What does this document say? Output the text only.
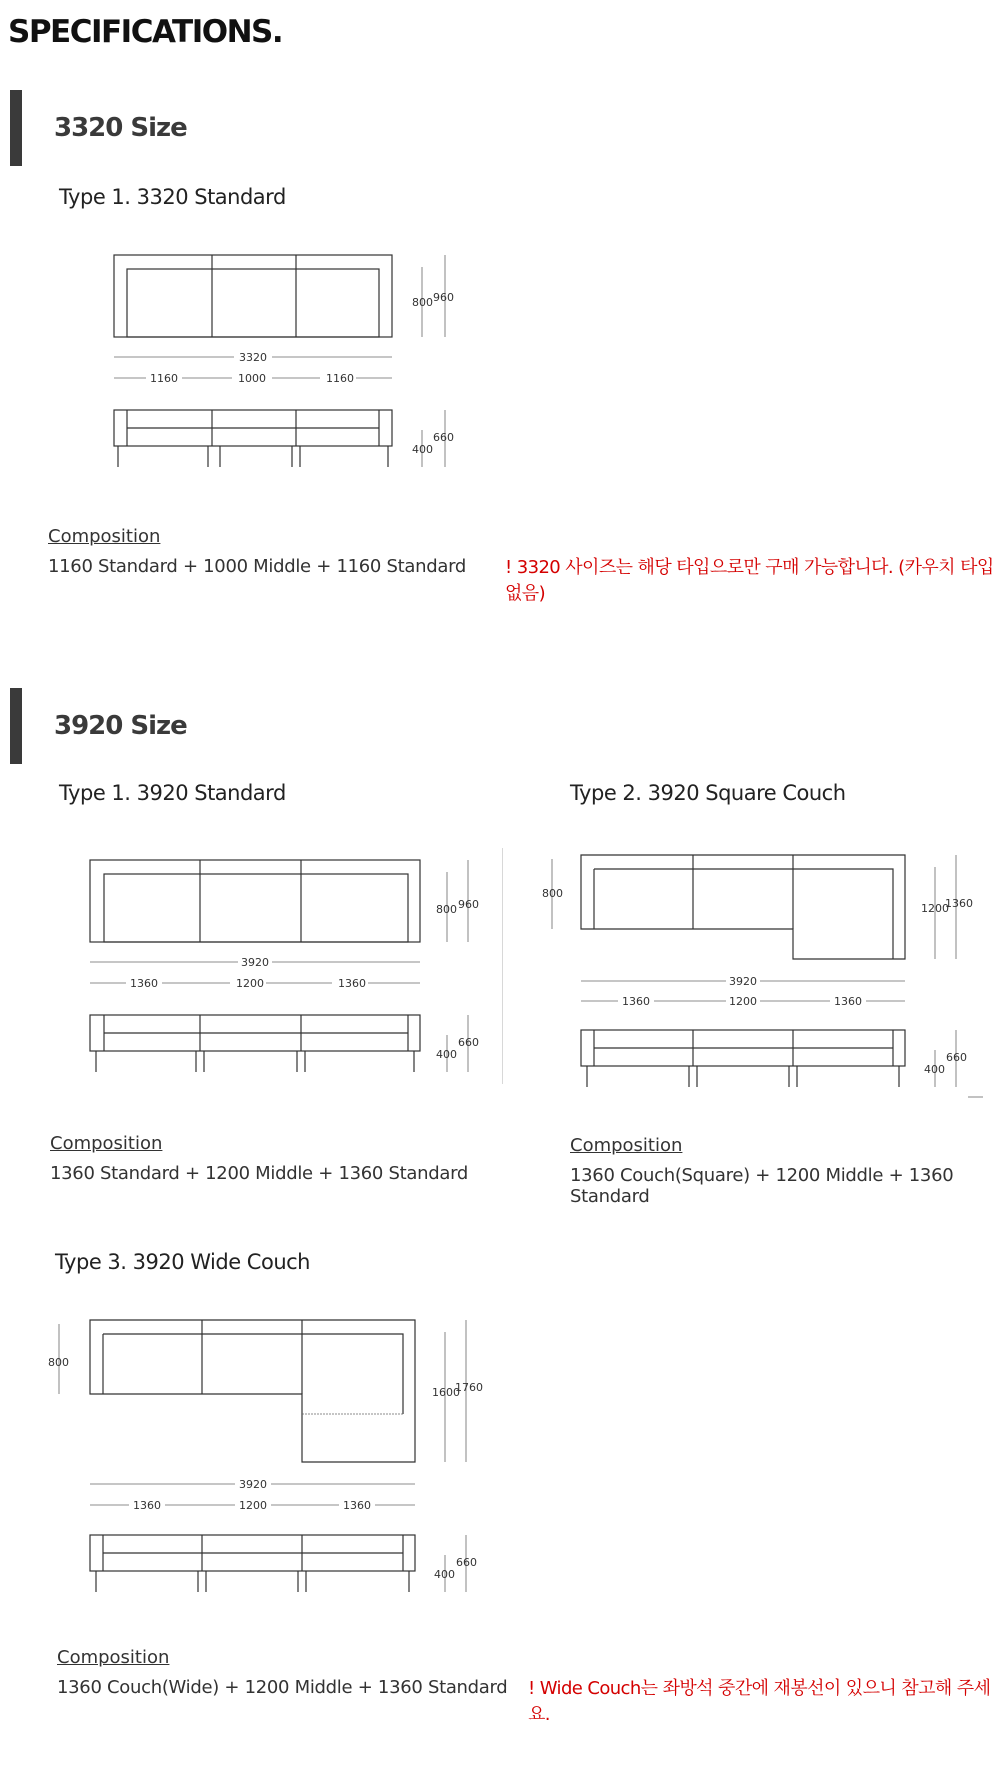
SPECIFICATIONS.
3320 Size
Type 1. 3320 Standard
800 960
3320
1160	1000	1160
400
660
Composition
1160 Standard + 1000 Middle + 1160 Standard ! 3320 사이즈는 해당 타입으로만 구매 가능합니다. (카우치 타입 없음)
3920 Size
Type 1. 3920 Standard
800 960
3920
1360	1200	1360
400
660
Composition
1360 Standard + 1200 Middle + 1360 Standard
Type 2. 3920 Square Couch
800
1200
1360
3920
1360	1200	1360
400
660
Composition
1360 Couch(Square) + 1200 Middle + 1360 Standard
Type 3. 3920 Wide Couch
800
1600
1760
3920
1360	1200	1360
400
660
Composition
1360 Couch(Wide) + 1200 Middle + 1360 Standard ! Wide Couch는 좌방석 중간에 재봉선이 있으니 참고해 주세요.
